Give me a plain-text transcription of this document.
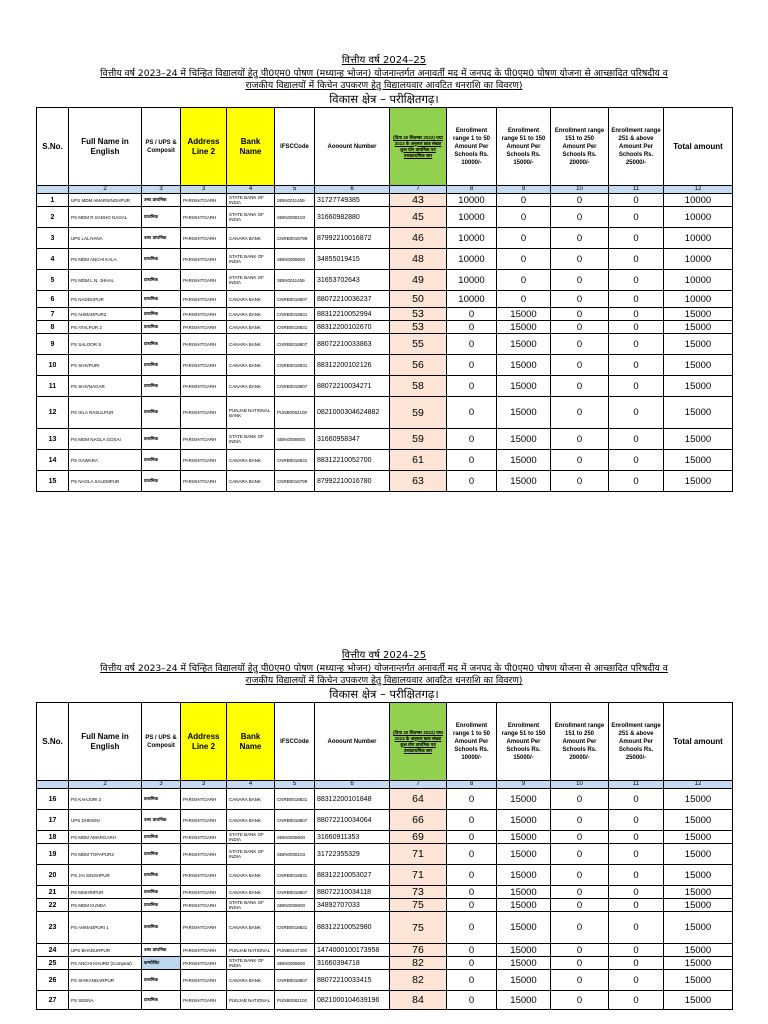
वित्तीय वर्ष 2024–25
वित्तीय वर्ष 2023–24 में चिन्हित विद्यालयों हेतु पी0एम0 पोषण (मध्यान्ह भोजन) योजनान्तर्गत अनावर्ती मद में जनपद के पी0एम0 पोषण योजना से आच्छादित परिषदीय व
राजकीय विद्यालयों में किचेन उपकरण हेतु विद्यालयवार आवटित धनराशि का विवरण)
विकास क्षेत्र – परीक्षितगढ़।
S.No.	Full Name in English	PS / UPS & Composit	Address Line 2	Bank Name	IFSCCode	Aooount Number	(दिया 30 सितम्बर 2022) यथा 2023 के अनुसार छात्र संख्या कुल योग प्राथमिक एवं उच्चप्राथमिक स्तर	Enrollment range 1 to 50 Amount Per Schools Rs. 10000/-	Enrollment range 51 to 150 Amount Per Schools Rs. 15000/-	Enrollment range 151 to 250 Amount Per Schools Rs. 20000/-	Enrollment range 251 & above Amount Per Schools Rs. 25000/-	Total amount
	2	3	3	4	5	6	7	8	9	10	11	12
1	UPS MDM AMARSINGHPUR	उच्च प्राथमिक	PARISHITGARH	STATE BANK OF INDIA	SBIN0011459	31727749385	43	10000	0	0	0	10000
2	PS MDM R.SADHO NAGAL	प्राथमिक	PARISHITGARH	STATE BANK OF INDIA	SBIN0008103	31660982880	45	10000	0	0	0	10000
3	UPS LALIYANA	उच्च प्राथमिक	PARISHITGARH	CANARA BANK	CNRB0018799	87992210016872	46	10000	0	0	0	10000
4	PS MDM ANCHI KALA	प्राथमिक	PARISHITGARH	STATE BANK OF INDIA	SBIN0008600	34855019415	48	10000	0	0	0	10000
5	PS MDM L.N. JHHAL	प्राथमिक	PARISHITGARH	STATE BANK OF INDIA	SBIN0011459	31653702643	49	10000	0	0	0	10000
6	PS NADDUPUR	प्राथमिक	PARISHITGARH	CANARA BANK	CNRB0018807	88072210036237	50	10000	0	0	0	10000
7	PS AHMADPUR2	प्राथमिक	PARISHITGARH	CANARA BANK	CNRB0018831	88312210052994	53	0	15000	0	0	15000
8	PS ATALPUR 2	प्राथमिक	PARISHITGARH	CANARA BANK	CNRB0018831	88312200102670	53	0	15000	0	0	15000
9	PS SALOOR S	प्राथमिक	PARISHITGARH	CANARA BANK	CNRB0018807	88072210033863	55	0	15000	0	0	15000
10	PS SHIVPURI	प्राथमिक	PARISHITGARH	CANARA BANK	CNRB0018831	88312200102126	56	0	15000	0	0	15000
11	PS SHIVNAGAR	प्राथमिक	PARISHITGARH	CANARA BANK	CNRB0018807	88072210034271	58	0	15000	0	0	15000
12	PS IKLA RASULPUR	प्राथमिक	PARISHITGARH	PUNJAB NATIONAL BANK	PUNB0082100	0821000304624882	59	0	15000	0	0	15000
13	PS MDM NAGLA GOSAI	प्राथमिक	PARISHITGARH	STATE BANK OF INDIA	SBIN0008600	31660958347	59	0	15000	0	0	15000
14	PS GAWARA	प्राथमिक	PARISHITGARH	CANARA BANK	CNRB0018831	88312210052700	61	0	15000	0	0	15000
15	PS NAGLA SALEMPUR	प्राथमिक	PARISHITGARH	CANARA BANK	CNRB0018799	87992210016780	63	0	15000	0	0	15000
वित्तीय वर्ष 2024–25
वित्तीय वर्ष 2023–24 में चिन्हित विद्यालयों हेतु पी0एम0 पोषण (मध्यान्ह भोजन) योजनान्तर्गत अनावर्ती मद में जनपद के पी0एम0 पोषण योजना से आच्छादित परिषदीय व
राजकीय विद्यालयों में किचेन उपकरण हेतु विद्यालयवार आवटित धनराशि का विवरण)
विकास क्षेत्र – परीक्षितगढ़।
S.No.	Full Name in English	PS / UPS & Composit	Address Line 2	Bank Name	IFSCCode	Aooount Number	(दिया 30 सितम्बर 2022) यथा 2023 के अनुसार छात्र संख्या कुल योग प्राथमिक एवं उच्चप्राथमिक स्तर	Enrollment range 1 to 50 Amount Per Schools Rs. 10000/-	Enrollment range 51 to 150 Amount Per Schools Rs. 15000/-	Enrollment range 151 to 250 Amount Per Schools Rs. 20000/-	Enrollment range 251 & above Amount Per Schools Rs. 25000/-	Total amount
	2	3	3	4	5	6	7	8	9	10	11	12
16	PS KAHJURI 2	प्राथमिक	PARISHITGARH	CANARA BANK	CNRB0018831	88312200101848	64	0	15000	0	0	15000
17	UPS DHIKENI	उच्च प्राथमिक	PARISHITGARH	CANARA BANK	CNRB0018807	88072210034064	66	0	15000	0	0	15000
18	PS MDM AMARGARH	प्राथमिक	PARISHITGARH	STATE BANK OF INDIA	SBIN0008600	31660911353	69	0	15000	0	0	15000
19	PS MDM TOFAPUR2	प्राथमिक	PARISHITGARH	STATE BANK OF INDIA	SBIN0008103	31722355329	71	0	15000	0	0	15000
20	PS JAI SINGHPUR	प्राथमिक	PARISHITGARH	CANARA BANK	CNRB0018831	88312210053027	71	0	15000	0	0	15000
21	PS MISHRIPUR	प्राथमिक	PARISHITGARH	CANARA BANK	CNRB0018807	88072210034118	73	0	15000	0	0	15000
22	PS MDM KUNDA	प्राथमिक	PARISHITGARH	STATE BANK OF INDIA	SBIN0008600	34892707033	75	0	15000	0	0	15000
23	PS AHMADPURI 1	प्राथमिक	PARISHITGARH	CANARA BANK	CNRB0018831	88312210052980	75	0	15000	0	0	15000
24	UPS BHADURPUR	उच्च प्राथमिक	PARISHITGARH	PUNJAB NATIONAL	PUNB0147400	1474000100173958	76	0	15000	0	0	15000
25	PS ANCHI KHURD (Compeat)	कम्पोजिट	PARISHITGARH	STATE BANK OF INDIA	SBIN0008600	31660394718	82	0	15000	0	0	15000
26	PS SHIKANDARPUR	प्राथमिक	PARISHITGARH	CANARA BANK	CNRB0018807	88072210033415	82	0	15000	0	0	15000
27	PS SEENA	प्राथमिक	PARISHITGARH	PUNJAB NATIONAL	PUNB0082100	0821000104639196	84	0	15000	0	0	15000
